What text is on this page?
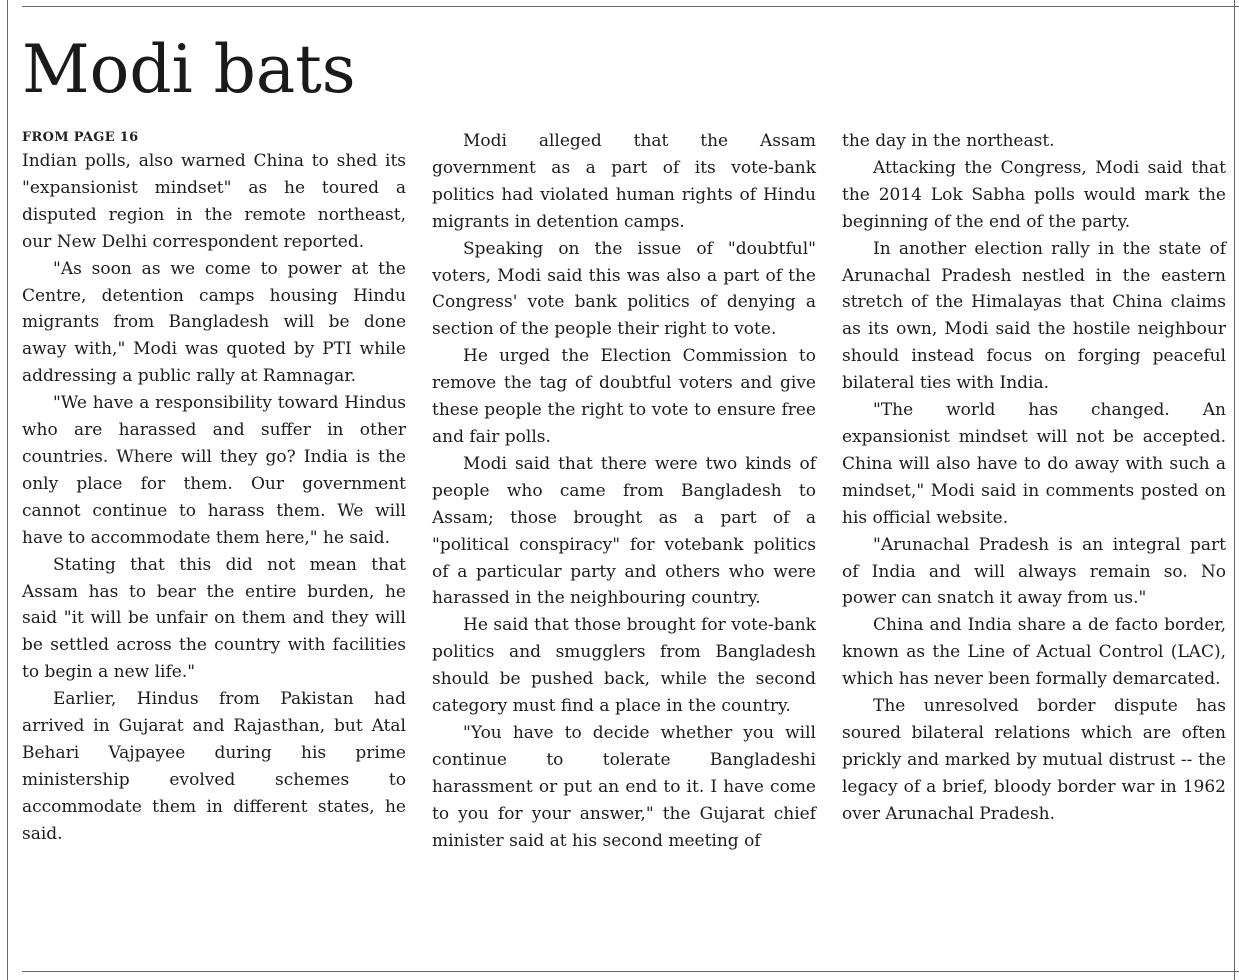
Modi bats
FROM PAGE 16

Indian polls, also warned China to shed its "expansionist mindset" as he toured a disputed region in the remote northeast, our New Delhi correspondent reported.

"As soon as we come to power at the Centre, detention camps housing Hindu migrants from Bangladesh will be done away with," Modi was quoted by PTI while addressing a public rally at Ramnagar.

"We have a responsibility toward Hindus who are harassed and suffer in other countries. Where will they go? India is the only place for them. Our government cannot continue to harass them. We will have to accommodate them here," he said.

Stating that this did not mean that Assam has to bear the entire burden, he said "it will be unfair on them and they will be settled across the country with facilities to begin a new life."

Earlier, Hindus from Pakistan had arrived in Gujarat and Rajasthan, but Atal Behari Vajpayee during his prime ministership evolved schemes to accommodate them in different states, he said.

Modi alleged that the Assam government as a part of its vote-bank politics had violated human rights of Hindu migrants in detention camps.

Speaking on the issue of "doubtful" voters, Modi said this was also a part of the Congress' vote bank politics of denying a section of the people their right to vote.

He urged the Election Commission to remove the tag of doubtful voters and give these people the right to vote to ensure free and fair polls.

Modi said that there were two kinds of people who came from Bangladesh to Assam; those brought as a part of a "political conspiracy" for votebank politics of a particular party and others who were harassed in the neighbouring country.

He said that those brought for vote-bank politics and smugglers from Bangladesh should be pushed back, while the second category must find a place in the country.

"You have to decide whether you will continue to tolerate Bangladeshi harassment or put an end to it. I have come to you for your answer," the Gujarat chief minister said at his second meeting of

the day in the northeast.

Attacking the Congress, Modi said that the 2014 Lok Sabha polls would mark the beginning of the end of the party.

In another election rally in the state of Arunachal Pradesh nestled in the eastern stretch of the Himalayas that China claims as its own, Modi said the hostile neighbour should instead focus on forging peaceful bilateral ties with India.

"The world has changed. An expansionist mindset will not be accepted. China will also have to do away with such a mindset," Modi said in comments posted on his official website.

"Arunachal Pradesh is an integral part of India and will always remain so. No power can snatch it away from us."

China and India share a de facto border, known as the Line of Actual Control (LAC), which has never been formally demarcated.

The unresolved border dispute has soured bilateral relations which are often prickly and marked by mutual distrust -- the legacy of a brief, bloody border war in 1962 over Arunachal Pradesh.
